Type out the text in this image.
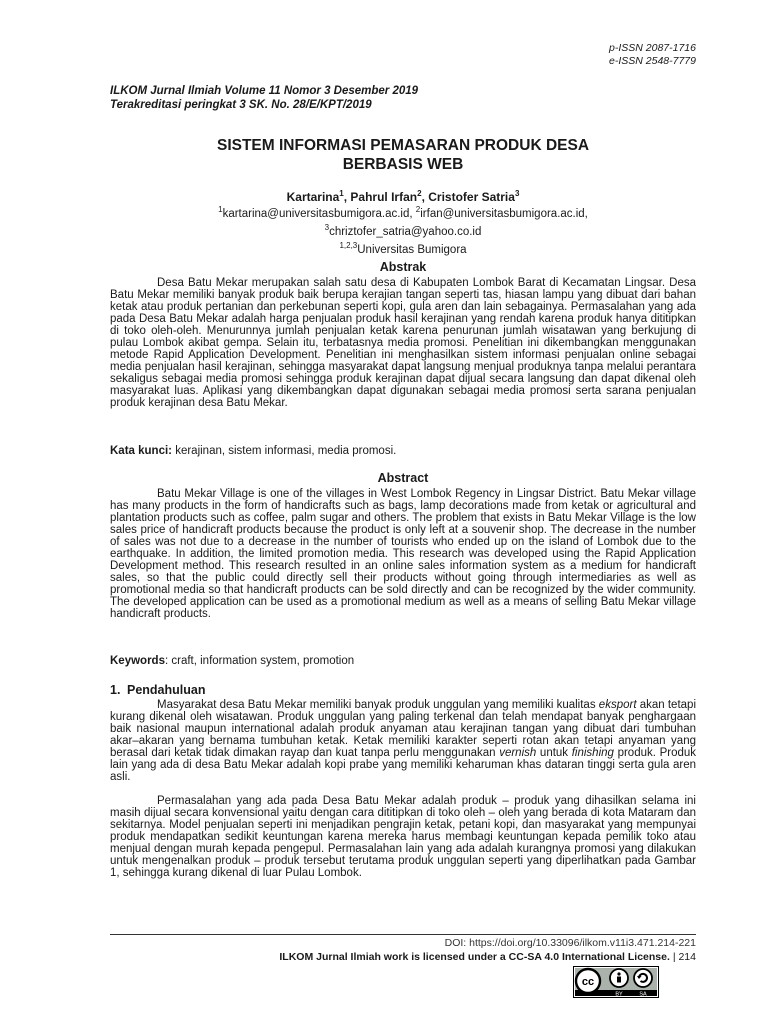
p-ISSN 2087-1716
e-ISSN 2548-7779
ILKOM Jurnal Ilmiah Volume 11 Nomor 3 Desember 2019
Terakreditasi peringkat 3 SK. No. 28/E/KPT/2019
SISTEM INFORMASI PEMASARAN PRODUK DESA
BERBASIS WEB
Kartarina$^1$, Pahrul Irfan$^2$, Cristofer Satria$^3$
$^1$kartarina@universitasbumigora.ac.id, $^2$irfan@universitasbumigora.ac.id,
$^3$chriztofer_satria@yahoo.co.id
$^{1,2,3}$Universitas Bumigora
Abstrak

Desa Batu Mekar merupakan salah satu desa di Kabupaten Lombok Barat di Kecamatan Lingsar. Desa Batu Mekar memiliki banyak produk baik berupa kerajian tangan seperti tas, hiasan lampu yang dibuat dari bahan ketak atau produk pertanian dan perkebunan seperti kopi, gula aren dan lain sebagainya. Permasalahan yang ada pada Desa Batu Mekar adalah harga penjualan produk hasil kerajinan yang rendah karena produk hanya dititipkan di toko oleh-oleh. Menurunnya jumlah penjualan ketak karena penurunan jumlah wisatawan yang berkujung di pulau Lombok akibat gempa. Selain itu, terbatasnya media promosi. Penelitian ini dikembangkan menggunakan metode Rapid Application Development. Penelitian ini menghasilkan sistem informasi penjualan online sebagai media penjualan hasil kerajinan, sehingga masyarakat dapat langsung menjual produknya tanpa melalui perantara sekaligus sebagai media promosi sehingga produk kerajinan dapat dijual secara langsung dan dapat dikenal oleh masyarakat luas. Aplikasi yang dikembangkan dapat digunakan sebagai media promosi serta sarana penjualan produk kerajinan desa Batu Mekar.

Kata kunci: kerajinan, sistem informasi, media promosi.
Abstract

Batu Mekar Village is one of the villages in West Lombok Regency in Lingsar District. Batu Mekar village has many products in the form of handicrafts such as bags, lamp decorations made from ketak or agricultural and plantation products such as coffee, palm sugar and others. The problem that exists in Batu Mekar Village is the low sales price of handicraft products because the product is only left at a souvenir shop. The decrease in the number of sales was not due to a decrease in the number of tourists who ended up on the island of Lombok due to the earthquake. In addition, the limited promotion media. This research was developed using the Rapid Application Development method. This research resulted in an online sales information system as a medium for handicraft sales, so that the public could directly sell their products without going through intermediaries as well as promotional media so that handicraft products can be sold directly and can be recognized by the wider community. The developed application can be used as a promotional medium as well as a means of selling Batu Mekar village handicraft products.

Keywords: craft, information system, promotion
1. Pendahuluan

Masyarakat desa Batu Mekar memiliki banyak produk unggulan yang memiliki kualitas eksport akan tetapi kurang dikenal oleh wisatawan. Produk unggulan yang paling terkenal dan telah mendapat banyak penghargaan baik nasional maupun international adalah produk anyaman atau kerajinan tangan yang dibuat dari tumbuhan akar–akaran yang bernama tumbuhan ketak. Ketak memiliki karakter seperti rotan akan tetapi anyaman yang berasal dari ketak tidak dimakan rayap dan kuat tanpa perlu menggunakan vernish untuk finishing produk. Produk lain yang ada di desa Batu Mekar adalah kopi prabe yang memiliki keharuman khas dataran tinggi serta gula aren asli.

Permasalahan yang ada pada Desa Batu Mekar adalah produk – produk yang dihasilkan selama ini masih dijual secara konvensional yaitu dengan cara dititipkan di toko oleh – oleh yang berada di kota Mataram dan sekitarnya. Model penjualan seperti ini menjadikan pengrajin ketak, petani kopi, dan masyarakat yang mempunyai produk mendapatkan sedikit keuntungan karena mereka harus membagi keuntungan kepada pemilik toko atau menjual dengan murah kepada pengepul. Permasalahan lain yang ada adalah kurangnya promosi yang dilakukan untuk mengenalkan produk – produk tersebut terutama produk unggulan seperti yang diperlihatkan pada Gambar 1, sehingga kurang dikenal di luar Pulau Lombok.

DOI: https://doi.org/10.33096/ilkom.v11i3.471.214-221
ILKOM Jurnal Ilmiah work is licensed under a CC-SA 4.0 International License. | 214
cc
BY	SA
